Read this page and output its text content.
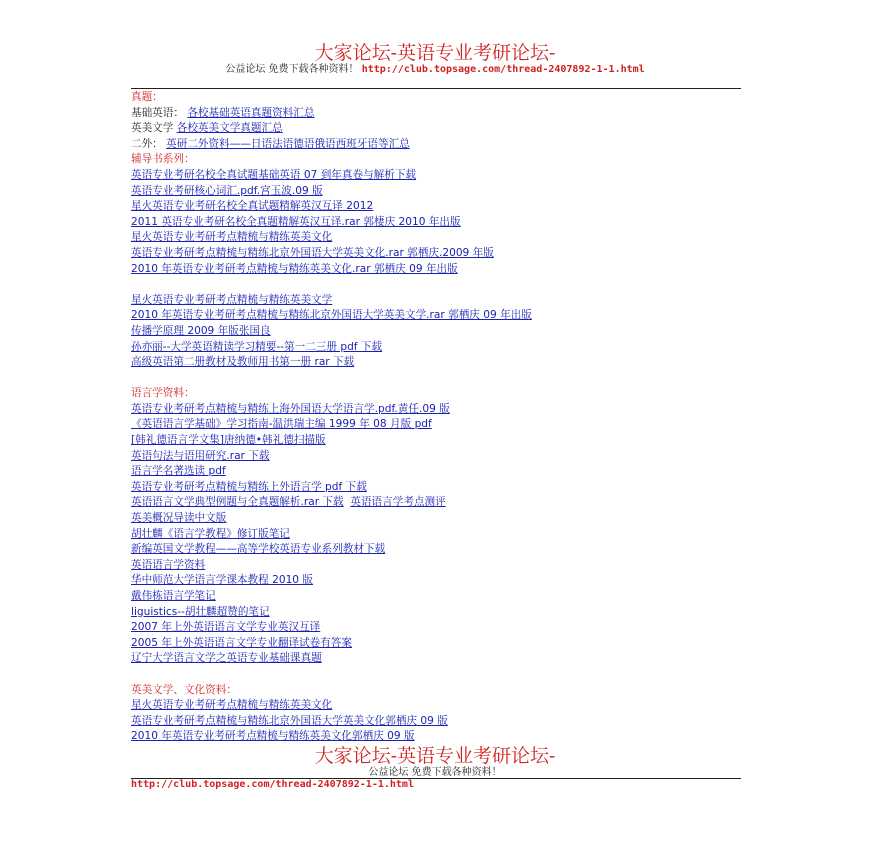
大家论坛-英语专业考研论坛-
公益论坛 免费下载各种资料！ http://club.topsage.com/thread-2407892-1-1.html
真题：
基础英语： 各校基础英语真题资料汇总
英美文学 各校英美文学真题汇总
二外： 英研二外资料——日语法语德语俄语西班牙语等汇总
辅导书系列：
英语专业考研名校全真试题基础英语 07 到年真卷与解析下载
英语专业考研核心词汇.pdf.宫玉波.09 版
星火英语专业考研名校全真试题精解英汉互译 2012
2011 英语专业考研名校全真题精解英汉互译.rar 郭棲庆 2010 年出版
星火英语专业考研考点精梳与精练英美文化
英语专业考研考点精梳与精练北京外国语大学英美文化.rar 郭栖庆.2009 年版
2010 年英语专业考研考点精梳与精练英美文化.rar 郭栖庆 09 年出版
星火英语专业考研考点精梳与精练英美文学
2010 年英语专业考研考点精梳与精练北京外国语大学英美文学.rar 郭栖庆 09 年出版
传播学原理 2009 年版张国良
孙亦丽--大学英语精读学习精要--第一二三册 pdf 下载
高级英语第二册教材及教师用书第一册 rar 下载
语言学资料：
英语专业考研考点精梳与精练上海外国语大学语言学.pdf.黄任.09 版
《英语语言学基础》学习指南-温洪瑞主编 1999 年 08 月版 pdf
[韩礼德语言学文集]唐纳德•韩礼德扫描版
英语句法与语用研究.rar 下载
语言学名著选读 pdf
英语专业考研考点精梳与精练上外语言学 pdf 下载
英语语言文学典型例题与全真题解析.rar 下载 英语语言学考点测评
英美概况导读中文版
胡壮麟《语言学教程》修订版笔记
新编英国文学教程——高等学校英语专业系列教材下载
英语语言学资料
华中师范大学语言学课本教程 2010 版
戴伟栋语言学笔记
liguistics--胡壮麟超赞的笔记
2007 年上外英语语言文学专业英汉互译
2005 年上外英语语言文学专业翻译试卷有答案
辽宁大学语言文学之英语专业基础课真题
英美文学、文化资料：
星火英语专业考研考点精梳与精练英美文化
英语专业考研考点精梳与精练北京外国语大学英美文化郭栖庆 09 版
2010 年英语专业考研考点精梳与精练英美文化郭栖庆 09 版
大家论坛-英语专业考研论坛-
公益论坛 免费下载各种资料！
http://club.topsage.com/thread-2407892-1-1.html
